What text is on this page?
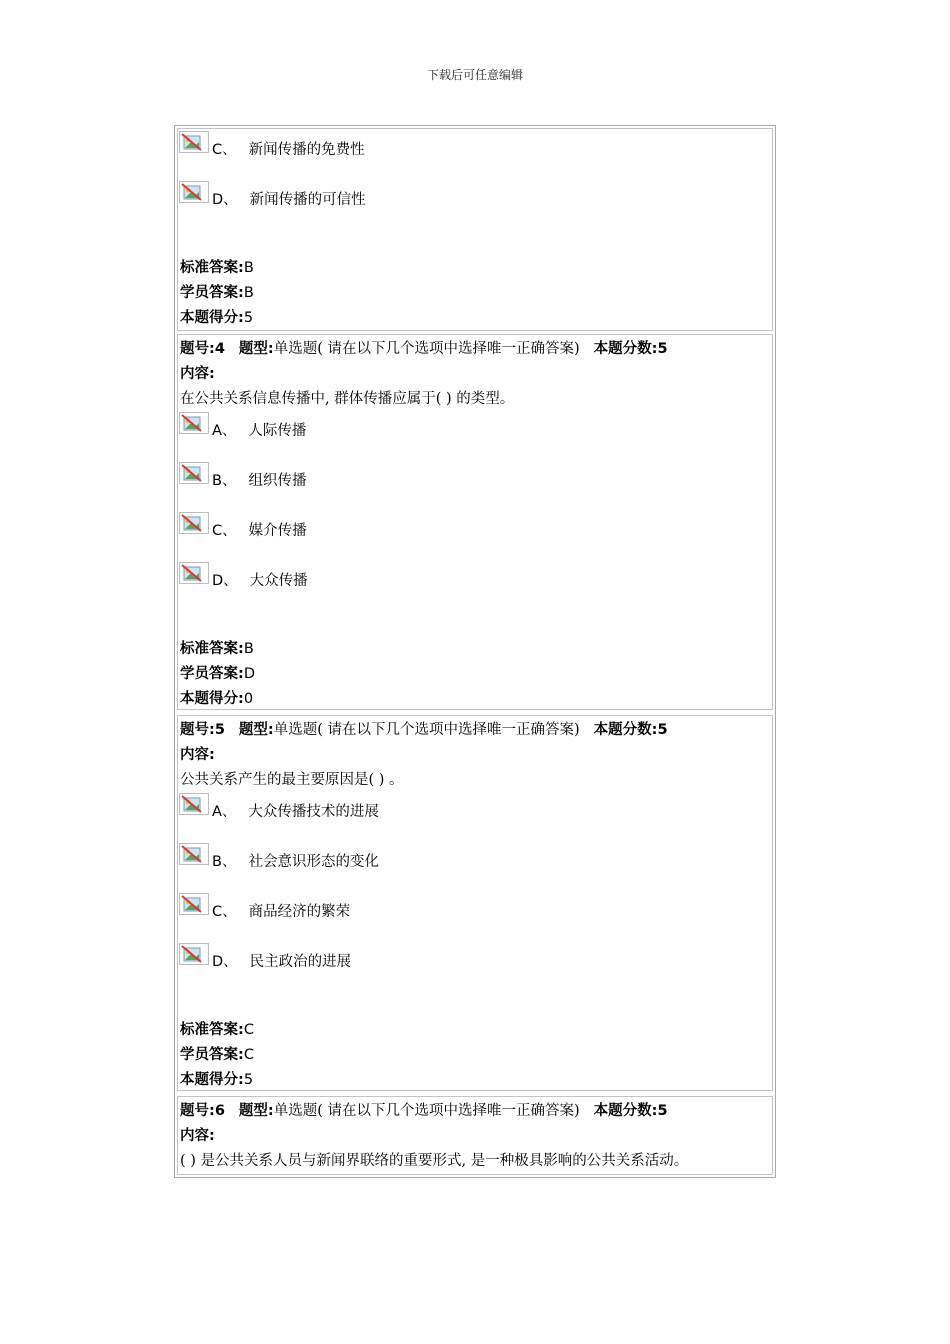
下载后可任意编辑
C、 新闻传播的免费性
D、 新闻传播的可信性
标准答案:B
学员答案:B
本题得分:5
题号:4 题型:单选题( 请在以下几个选项中选择唯一正确答案) 本题分数:5
内容:
在公共关系信息传播中, 群体传播应属于( ) 的类型。
A、 人际传播
B、 组织传播
C、 媒介传播
D、 大众传播
标准答案:B
学员答案:D
本题得分:0
题号:5 题型:单选题( 请在以下几个选项中选择唯一正确答案) 本题分数:5
内容:
公共关系产生的最主要原因是( ) 。
A、 大众传播技术的进展
B、 社会意识形态的变化
C、 商品经济的繁荣
D、 民主政治的进展
标准答案:C
学员答案:C
本题得分:5
题号:6 题型:单选题( 请在以下几个选项中选择唯一正确答案) 本题分数:5
内容:
( ) 是公共关系人员与新闻界联络的重要形式, 是一种极具影响的公共关系活动。
